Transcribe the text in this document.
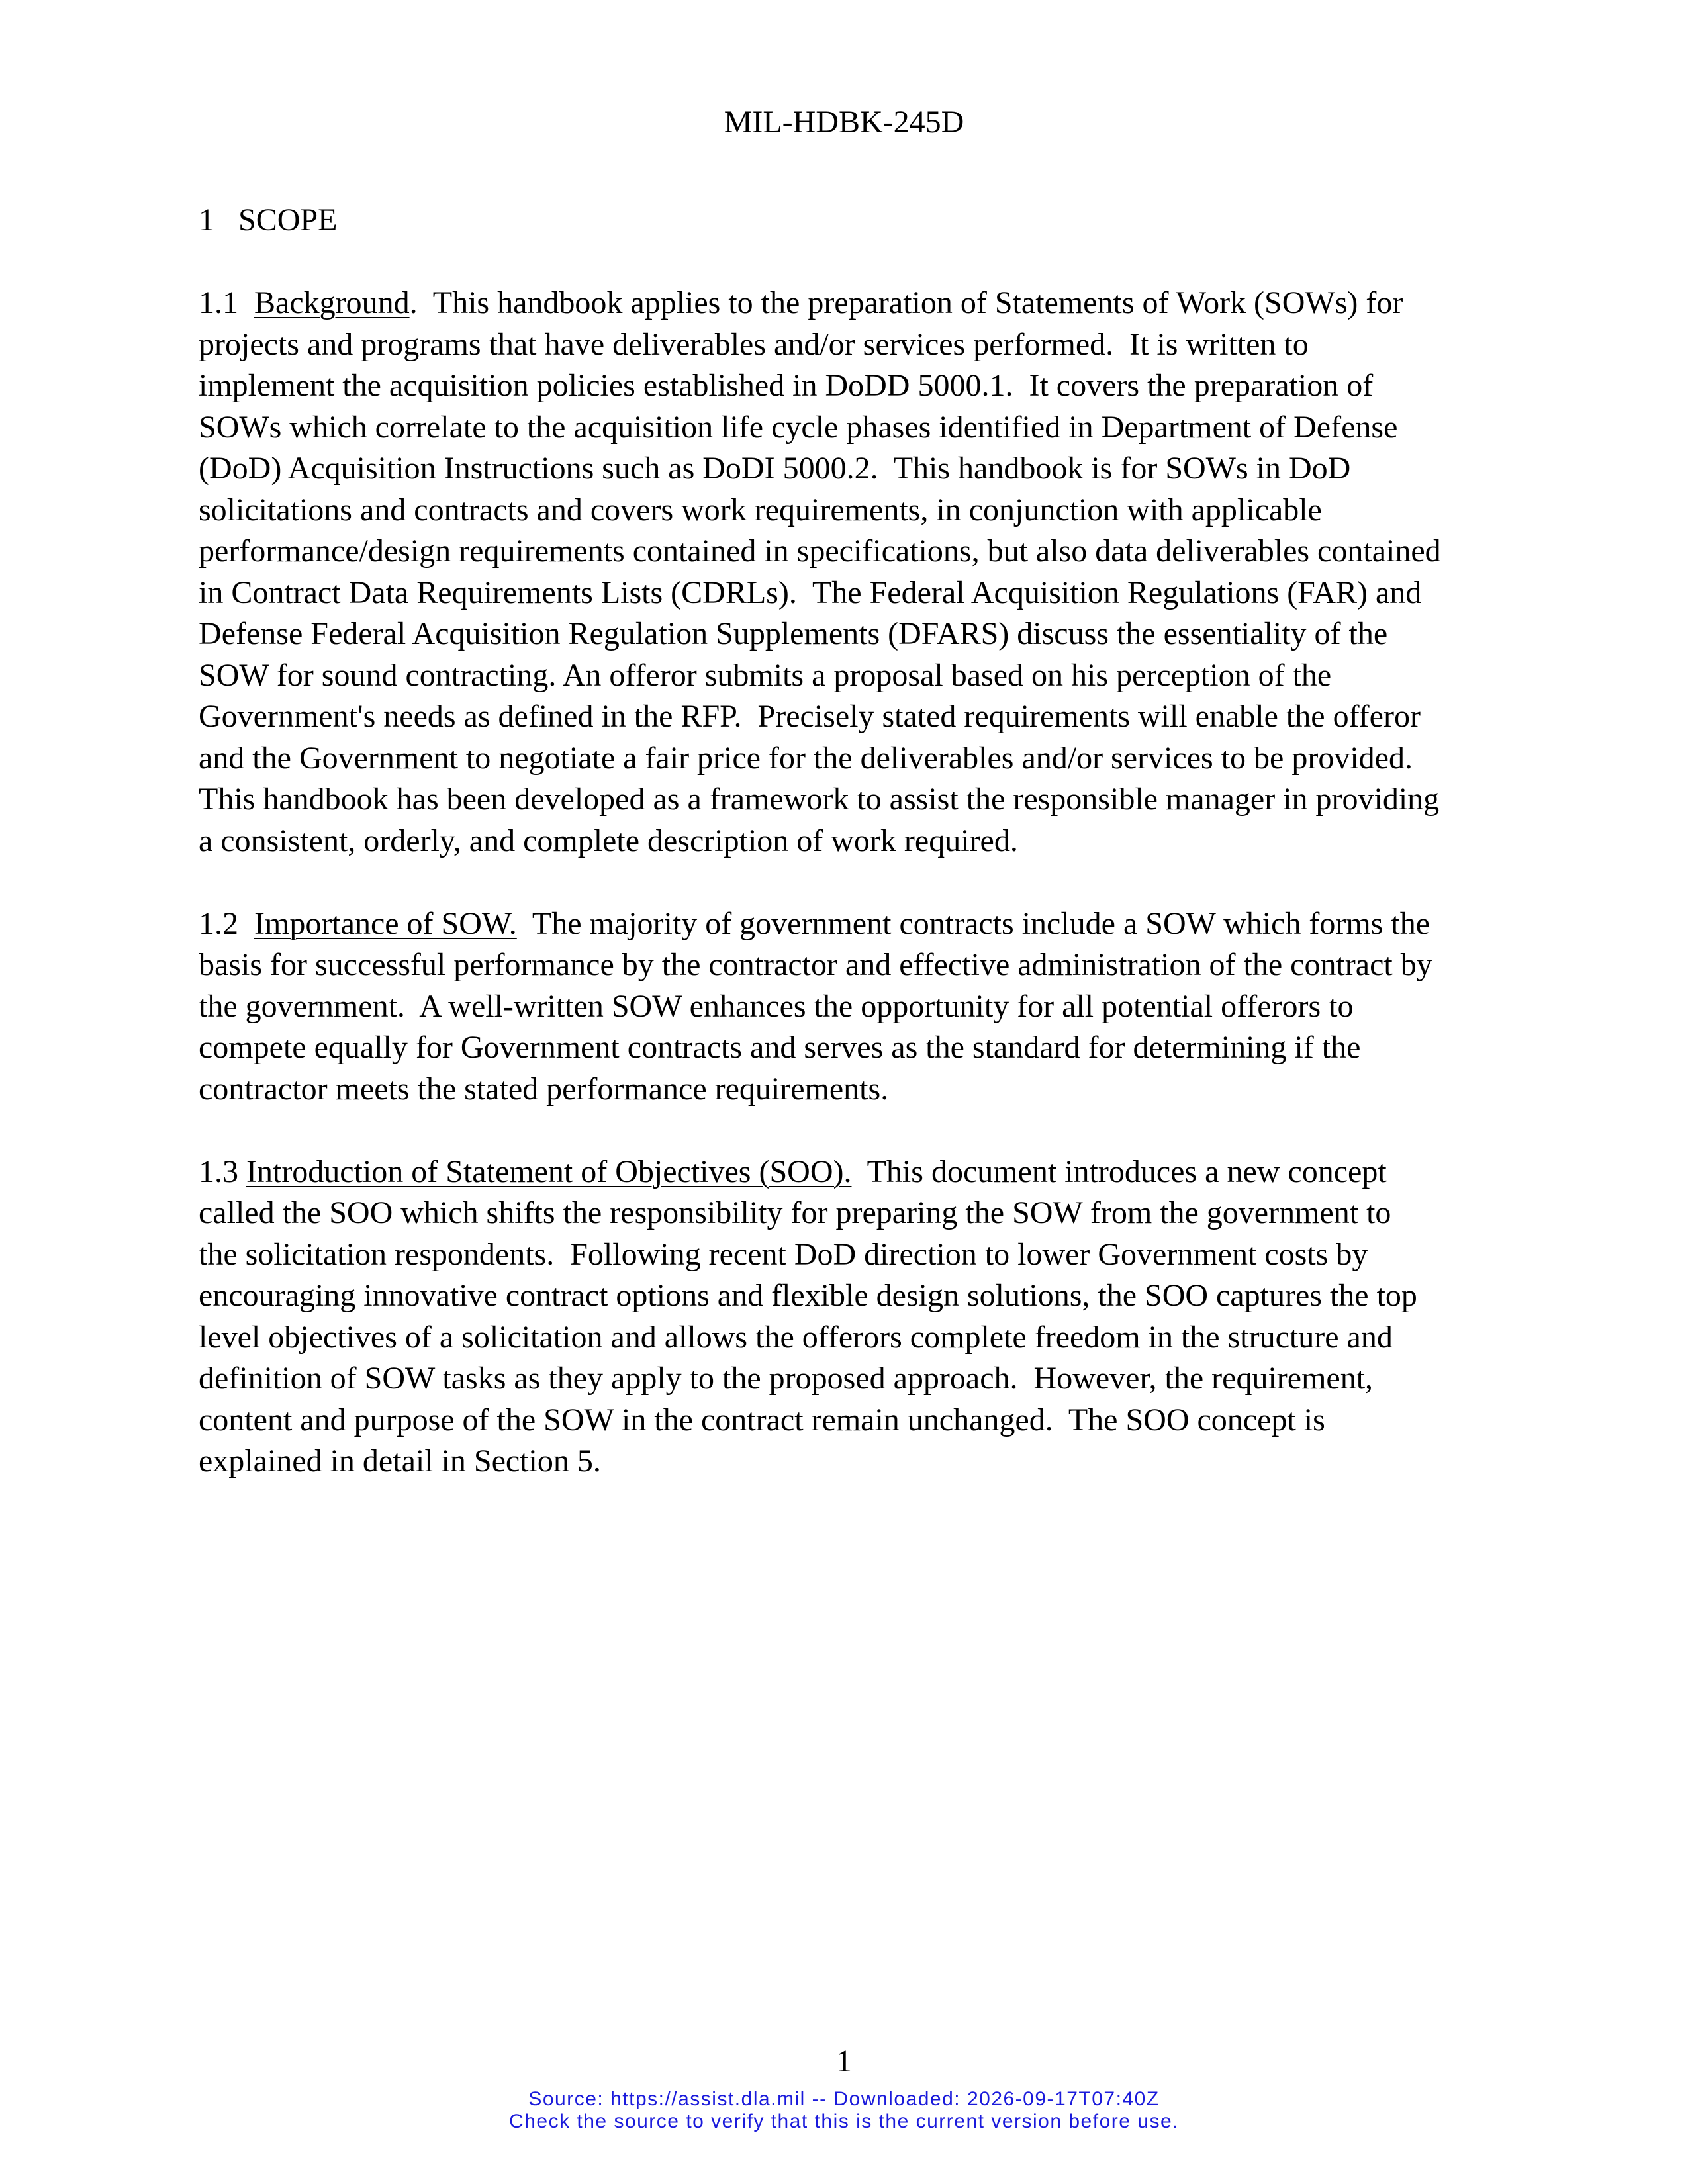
MIL-HDBK-245D
1 SCOPE
1.1 Background.  This handbook applies to the preparation of Statements of Work (SOWs) for
projects and programs that have deliverables and/or services performed.  It is written to
implement the acquisition policies established in DoDD 5000.1.  It covers the preparation of
SOWs which correlate to the acquisition life cycle phases identified in Department of Defense
(DoD) Acquisition Instructions such as DoDI 5000.2.  This handbook is for SOWs in DoD
solicitations and contracts and covers work requirements, in conjunction with applicable
performance/design requirements contained in specifications, but also data deliverables contained
in Contract Data Requirements Lists (CDRLs).  The Federal Acquisition Regulations (FAR) and
Defense Federal Acquisition Regulation Supplements (DFARS) discuss the essentiality of the
SOW for sound contracting. An offeror submits a proposal based on his perception of the
Government's needs as defined in the RFP.  Precisely stated requirements will enable the offeror
and the Government to negotiate a fair price for the deliverables and/or services to be provided.
This handbook has been developed as a framework to assist the responsible manager in providing
a consistent, orderly, and complete description of work required.
1.2 Importance of SOW.  The majority of government contracts include a SOW which forms the
basis for successful performance by the contractor and effective administration of the contract by
the government.  A well-written SOW enhances the opportunity for all potential offerors to
compete equally for Government contracts and serves as the standard for determining if the
contractor meets the stated performance requirements.
1.3 Introduction of Statement of Objectives (SOO).  This document introduces a new concept
called the SOO which shifts the responsibility for preparing the SOW from the government to
the solicitation respondents.  Following recent DoD direction to lower Government costs by
encouraging innovative contract options and flexible design solutions, the SOO captures the top
level objectives of a solicitation and allows the offerors complete freedom in the structure and
definition of SOW tasks as they apply to the proposed approach.  However, the requirement,
content and purpose of the SOW in the contract remain unchanged.  The SOO concept is
explained in detail in Section 5.
1
Source: https://assist.dla.mil -- Downloaded: 2026-09-17T07:40Z
Check the source to verify that this is the current version before use.
